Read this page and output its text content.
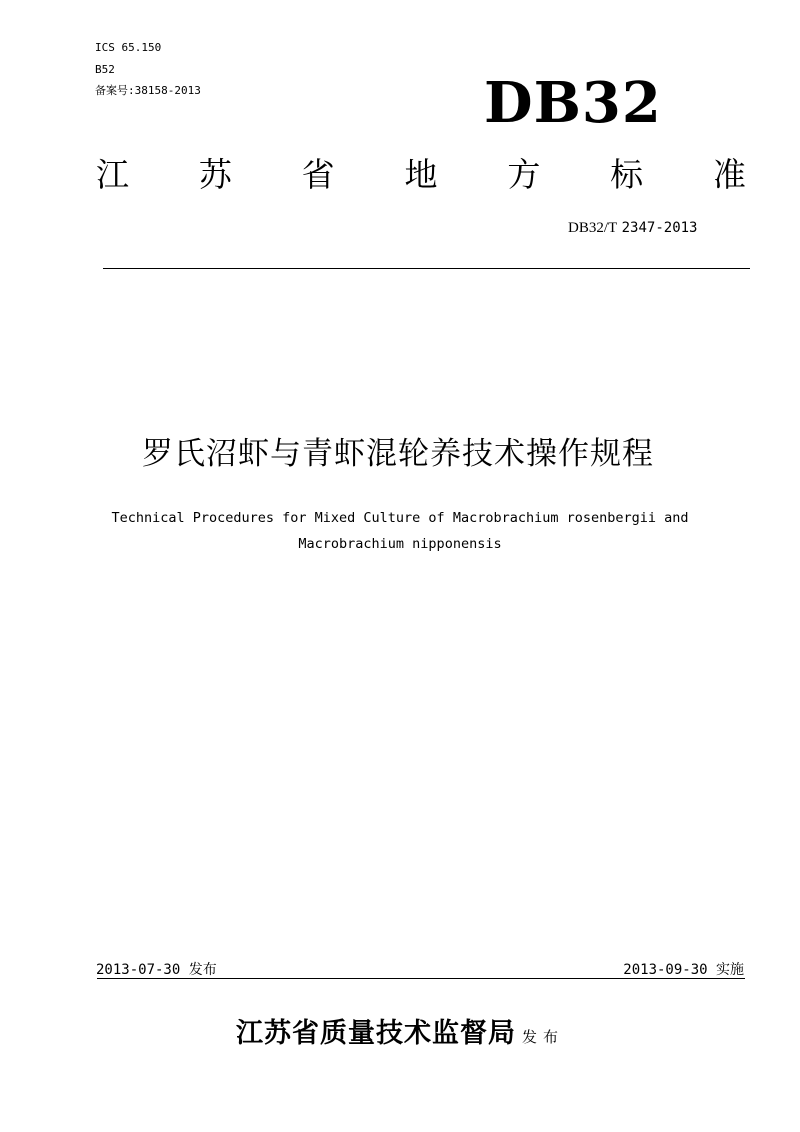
ICS 65.150
B52
备案号:38158-2013	DB32
江 苏 省 地 方 标 准
DB32/T 2347-2013
罗氏沼虾与青虾混轮养技术操作规程
Technical Procedures for Mixed Culture of Macrobrachium rosenbergii and
Macrobrachium nipponensis
2013-07-30 发布	2013-09-30 实施
江苏省质量技术监督局 发布
